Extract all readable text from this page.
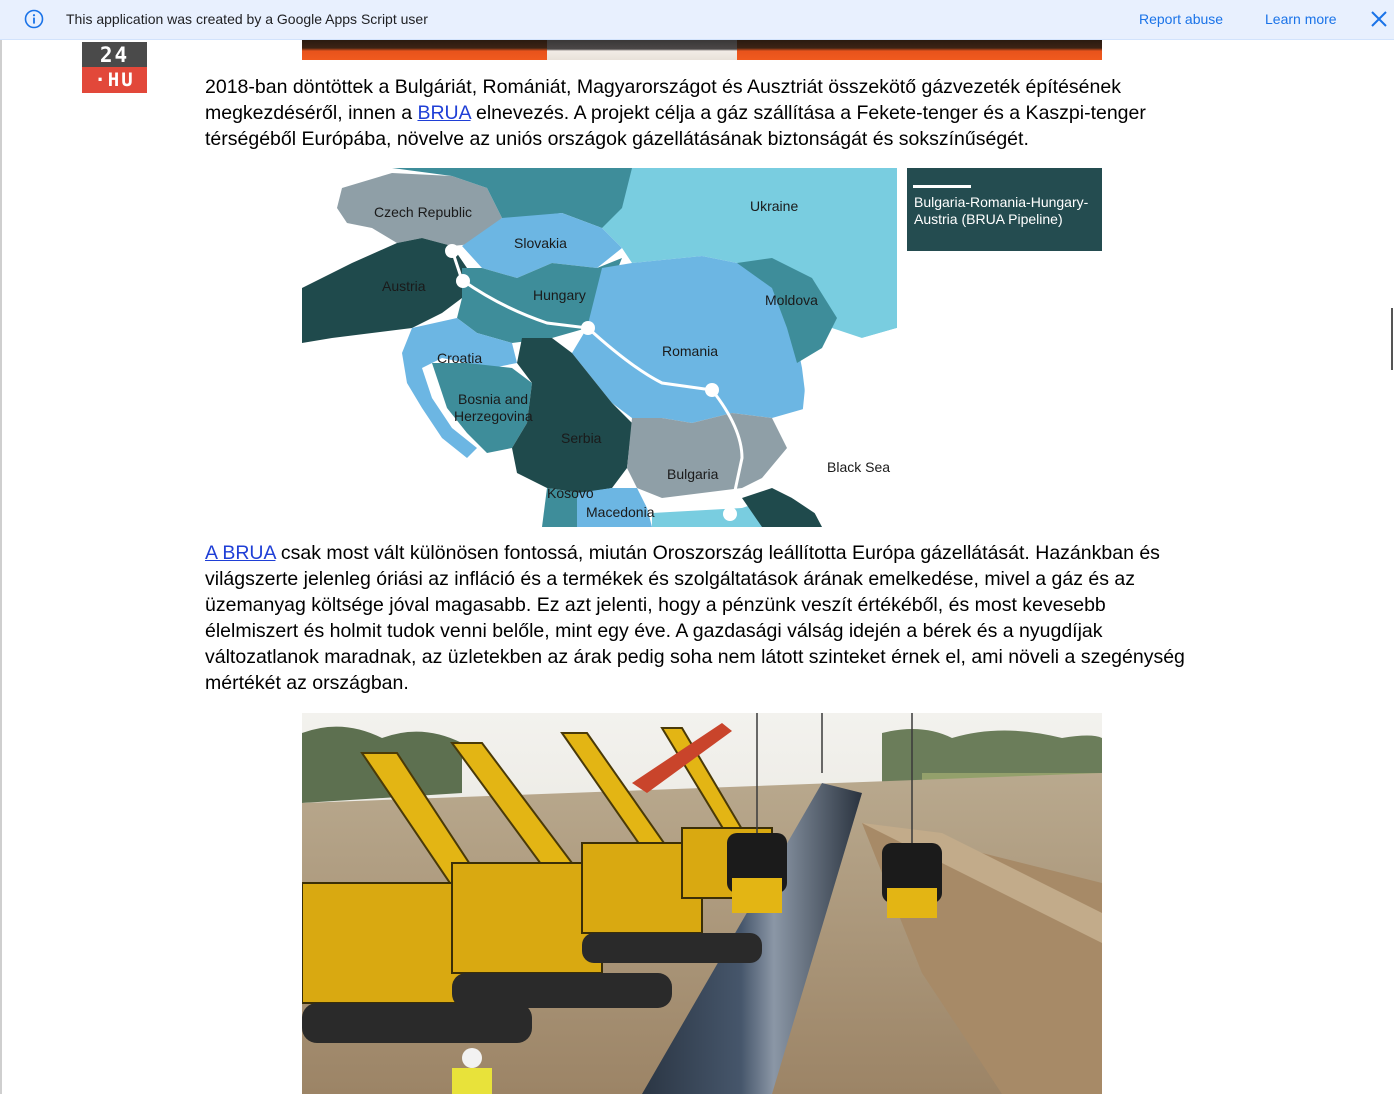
This application was created by a Google Apps Script user	Report abuse	Learn more
24
·HU	2018-ban döntöttek a Bulgáriát, Romániát, Magyarországot és Ausztriát összekötő gázvezeték építésének megkezdéséről, innen a BRUA elnevezés. A projekt célja a gáz szállítása a Fekete-tenger és a Kaszpi-tenger térségéből Európába, növelve az uniós országok gázellátásának biztonságát és sokszínűségét.

Czech Republic	Ukraine
Slovakia
Austria
Hungary	Moldova
Croatia	Romania
Bosnia and
Herzegovina
Serbia
Bulgaria	Black Sea
Kosovo
Macedonia
Bulgaria-Romania-Hungary-Austria (BRUA Pipeline)

A BRUA csak most vált különösen fontossá, miután Oroszország leállította Európa gázellátását. Hazánkban és világszerte jelenleg óriási az infláció és a termékek és szolgáltatások árának emelkedése, mivel a gáz és az üzemanyag költsége jóval magasabb. Ez azt jelenti, hogy a pénzünk veszít értékéből, és most kevesebb élelmiszert és holmit tudok venni belőle, mint egy éve. A gazdasági válság idején a bérek és a nyugdíjak változatlanok maradnak, az üzletekben az árak pedig soha nem látott szinteket érnek el, ami növeli a szegénység mértékét az országban.
